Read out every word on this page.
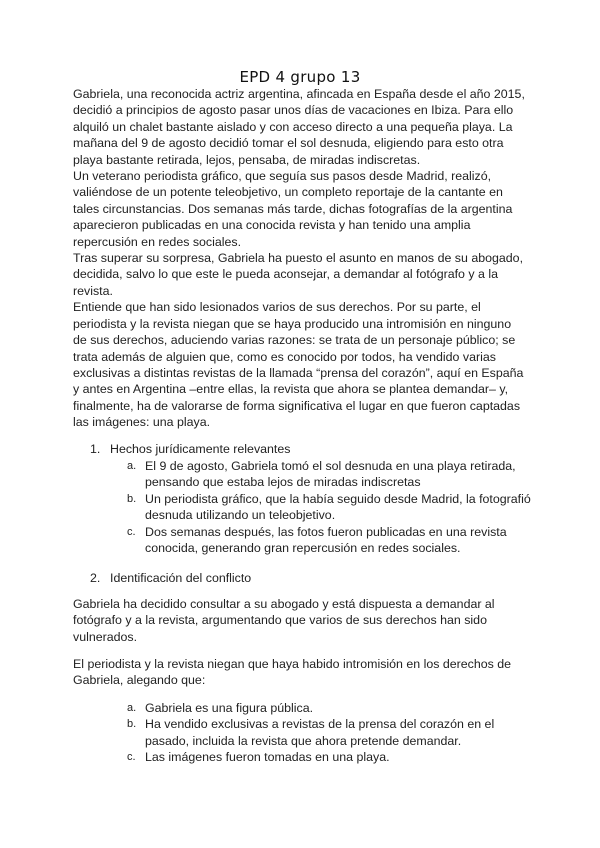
EPD 4 grupo 13

Gabriela, una reconocida actriz argentina, afincada en España desde el año 2015, decidió a principios de agosto pasar unos días de vacaciones en Ibiza. Para ello alquiló un chalet bastante aislado y con acceso directo a una pequeña playa. La mañana del 9 de agosto decidió tomar el sol desnuda, eligiendo para esto otra playa bastante retirada, lejos, pensaba, de miradas indiscretas.

Un veterano periodista gráfico, que seguía sus pasos desde Madrid, realizó, valiéndose de un potente teleobjetivo, un completo reportaje de la cantante en tales circunstancias. Dos semanas más tarde, dichas fotografías de la argentina aparecieron publicadas en una conocida revista y han tenido una amplia repercusión en redes sociales.

Tras superar su sorpresa, Gabriela ha puesto el asunto en manos de su abogado, decidida, salvo lo que este le pueda aconsejar, a demandar al fotógrafo y a la revista.

Entiende que han sido lesionados varios de sus derechos. Por su parte, el periodista y la revista niegan que se haya producido una intromisión en ninguno de sus derechos, aduciendo varias razones: se trata de un personaje público; se trata además de alguien que, como es conocido por todos, ha vendido varias exclusivas a distintas revistas de la llamada “prensa del corazón”, aquí en España y antes en Argentina –entre ellas, la revista que ahora se plantea demandar– y, finalmente, ha de valorarse de forma significativa el lugar en que fueron captadas las imágenes: una playa.

1. Hechos jurídicamente relevantes
a. El 9 de agosto, Gabriela tomó el sol desnuda en una playa retirada, pensando que estaba lejos de miradas indiscretas
b. Un periodista gráfico, que la había seguido desde Madrid, la fotografió desnuda utilizando un teleobjetivo.
c. Dos semanas después, las fotos fueron publicadas en una revista conocida, generando gran repercusión en redes sociales.
2. Identificación del conflicto

Gabriela ha decidido consultar a su abogado y está dispuesta a demandar al fotógrafo y a la revista, argumentando que varios de sus derechos han sido vulnerados.

El periodista y la revista niegan que haya habido intromisión en los derechos de Gabriela, alegando que:

a. Gabriela es una figura pública.
b. Ha vendido exclusivas a revistas de la prensa del corazón en el pasado, incluida la revista que ahora pretende demandar.
c. Las imágenes fueron tomadas en una playa.
